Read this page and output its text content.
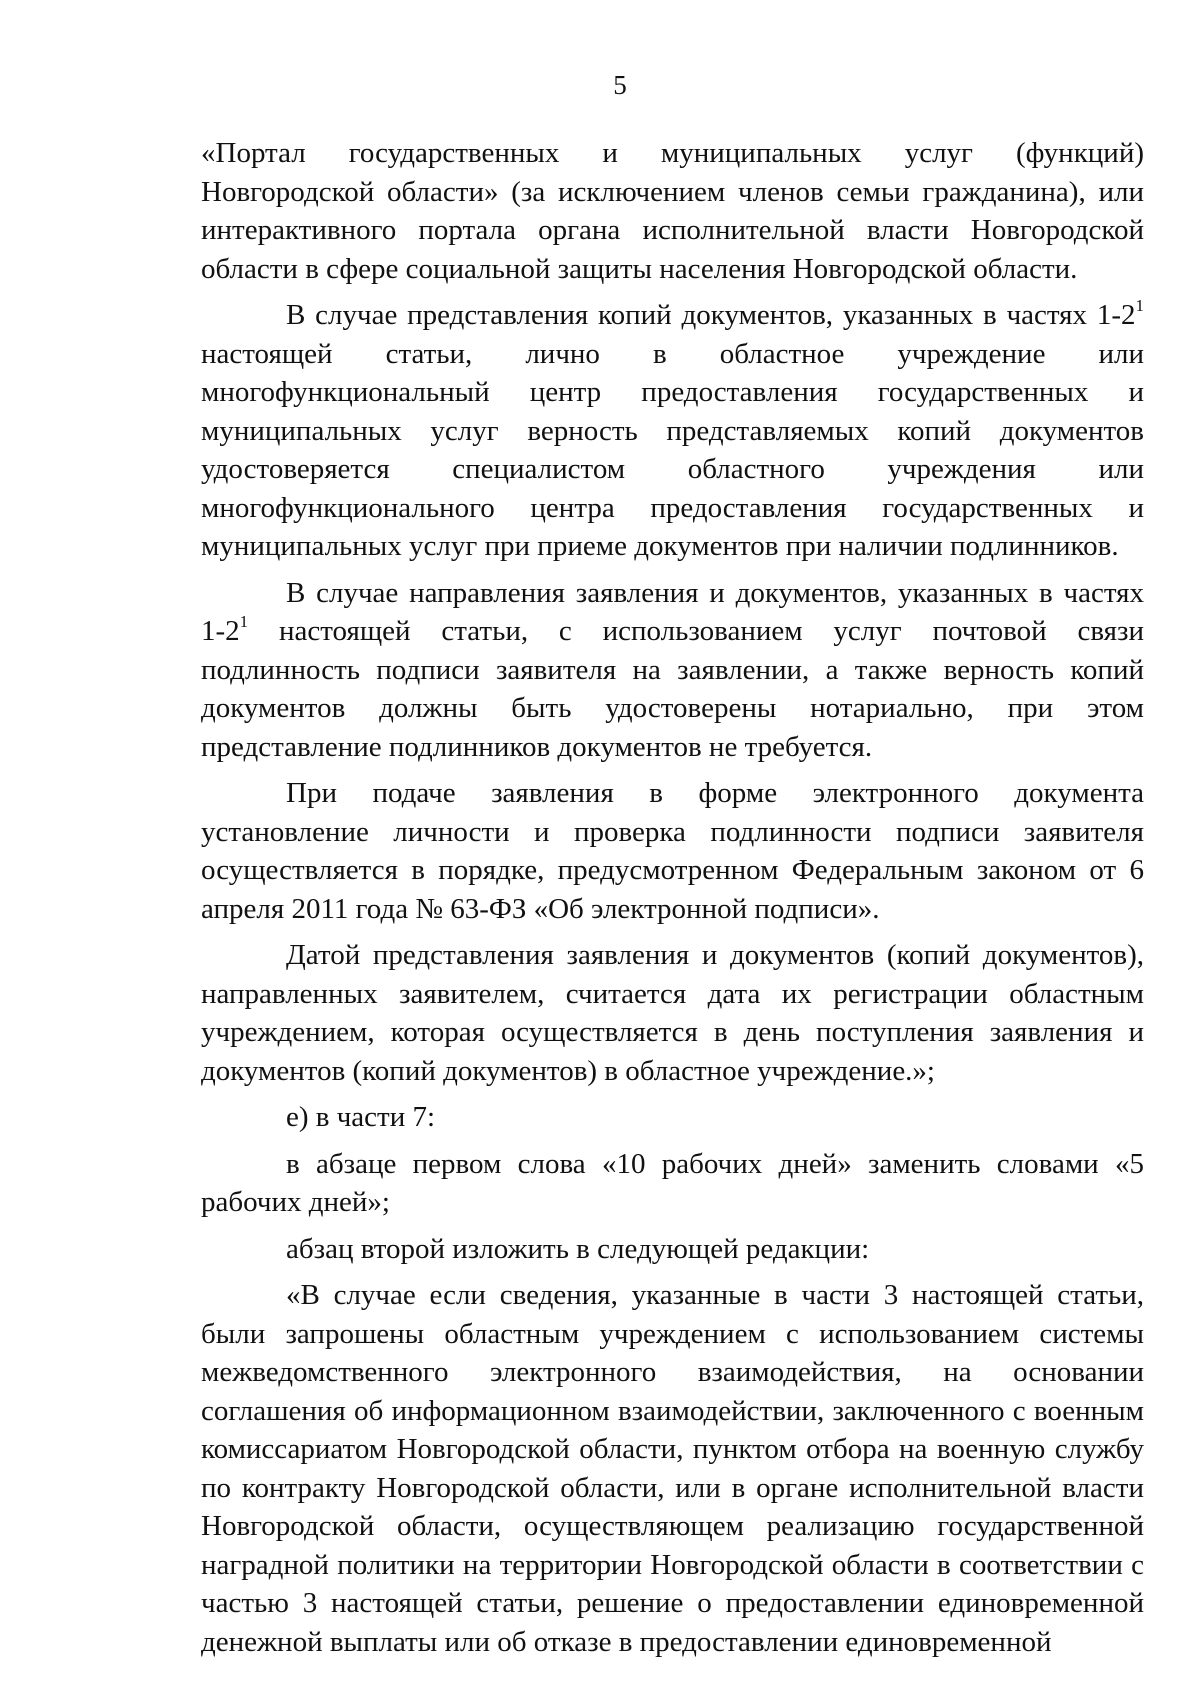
5

«Портал государственных и муниципальных услуг (функций) Новгородской области» (за исключением членов семьи гражданина), или интерактивного портала органа исполнительной власти Новгородской области в сфере социальной защиты населения Новгородской области.

В случае представления копий документов, указанных в частях $1-2^1$ настоящей статьи, лично в областное учреждение или многофункциональный центр предоставления государственных и муниципальных услуг верность представляемых копий документов удостоверяется специалистом областного учреждения или многофункционального центра предоставления государственных и муниципальных услуг при приеме документов при наличии подлинников.

В случае направления заявления и документов, указанных в частях $1-2^1$ настоящей статьи, с использованием услуг почтовой связи подлинность подписи заявителя на заявлении, а также верность копий документов должны быть удостоверены нотариально, при этом представление подлинников документов не требуется.

При подаче заявления в форме электронного документа установление личности и проверка подлинности подписи заявителя осуществляется в порядке, предусмотренном Федеральным законом от 6 апреля 2011 года № 63-ФЗ «Об электронной подписи».

Датой представления заявления и документов (копий документов), направленных заявителем, считается дата их регистрации областным учреждением, которая осуществляется в день поступления заявления и документов (копий документов) в областное учреждение.»;

е) в части 7:

в абзаце первом слова «10 рабочих дней» заменить словами «5 рабочих дней»;

абзац второй изложить в следующей редакции:

«В случае если сведения, указанные в части 3 настоящей статьи, были запрошены областным учреждением с использованием системы межведомственного электронного взаимодействия, на основании соглашения об информационном взаимодействии, заключенного с военным комиссариатом Новгородской области, пунктом отбора на военную службу по контракту Новгородской области, или в органе исполнительной власти Новгородской области, осуществляющем реализацию государственной наградной политики на территории Новгородской области в соответствии с частью 3 настоящей статьи, решение о предоставлении единовременной денежной выплаты или об отказе в предоставлении единовременной
